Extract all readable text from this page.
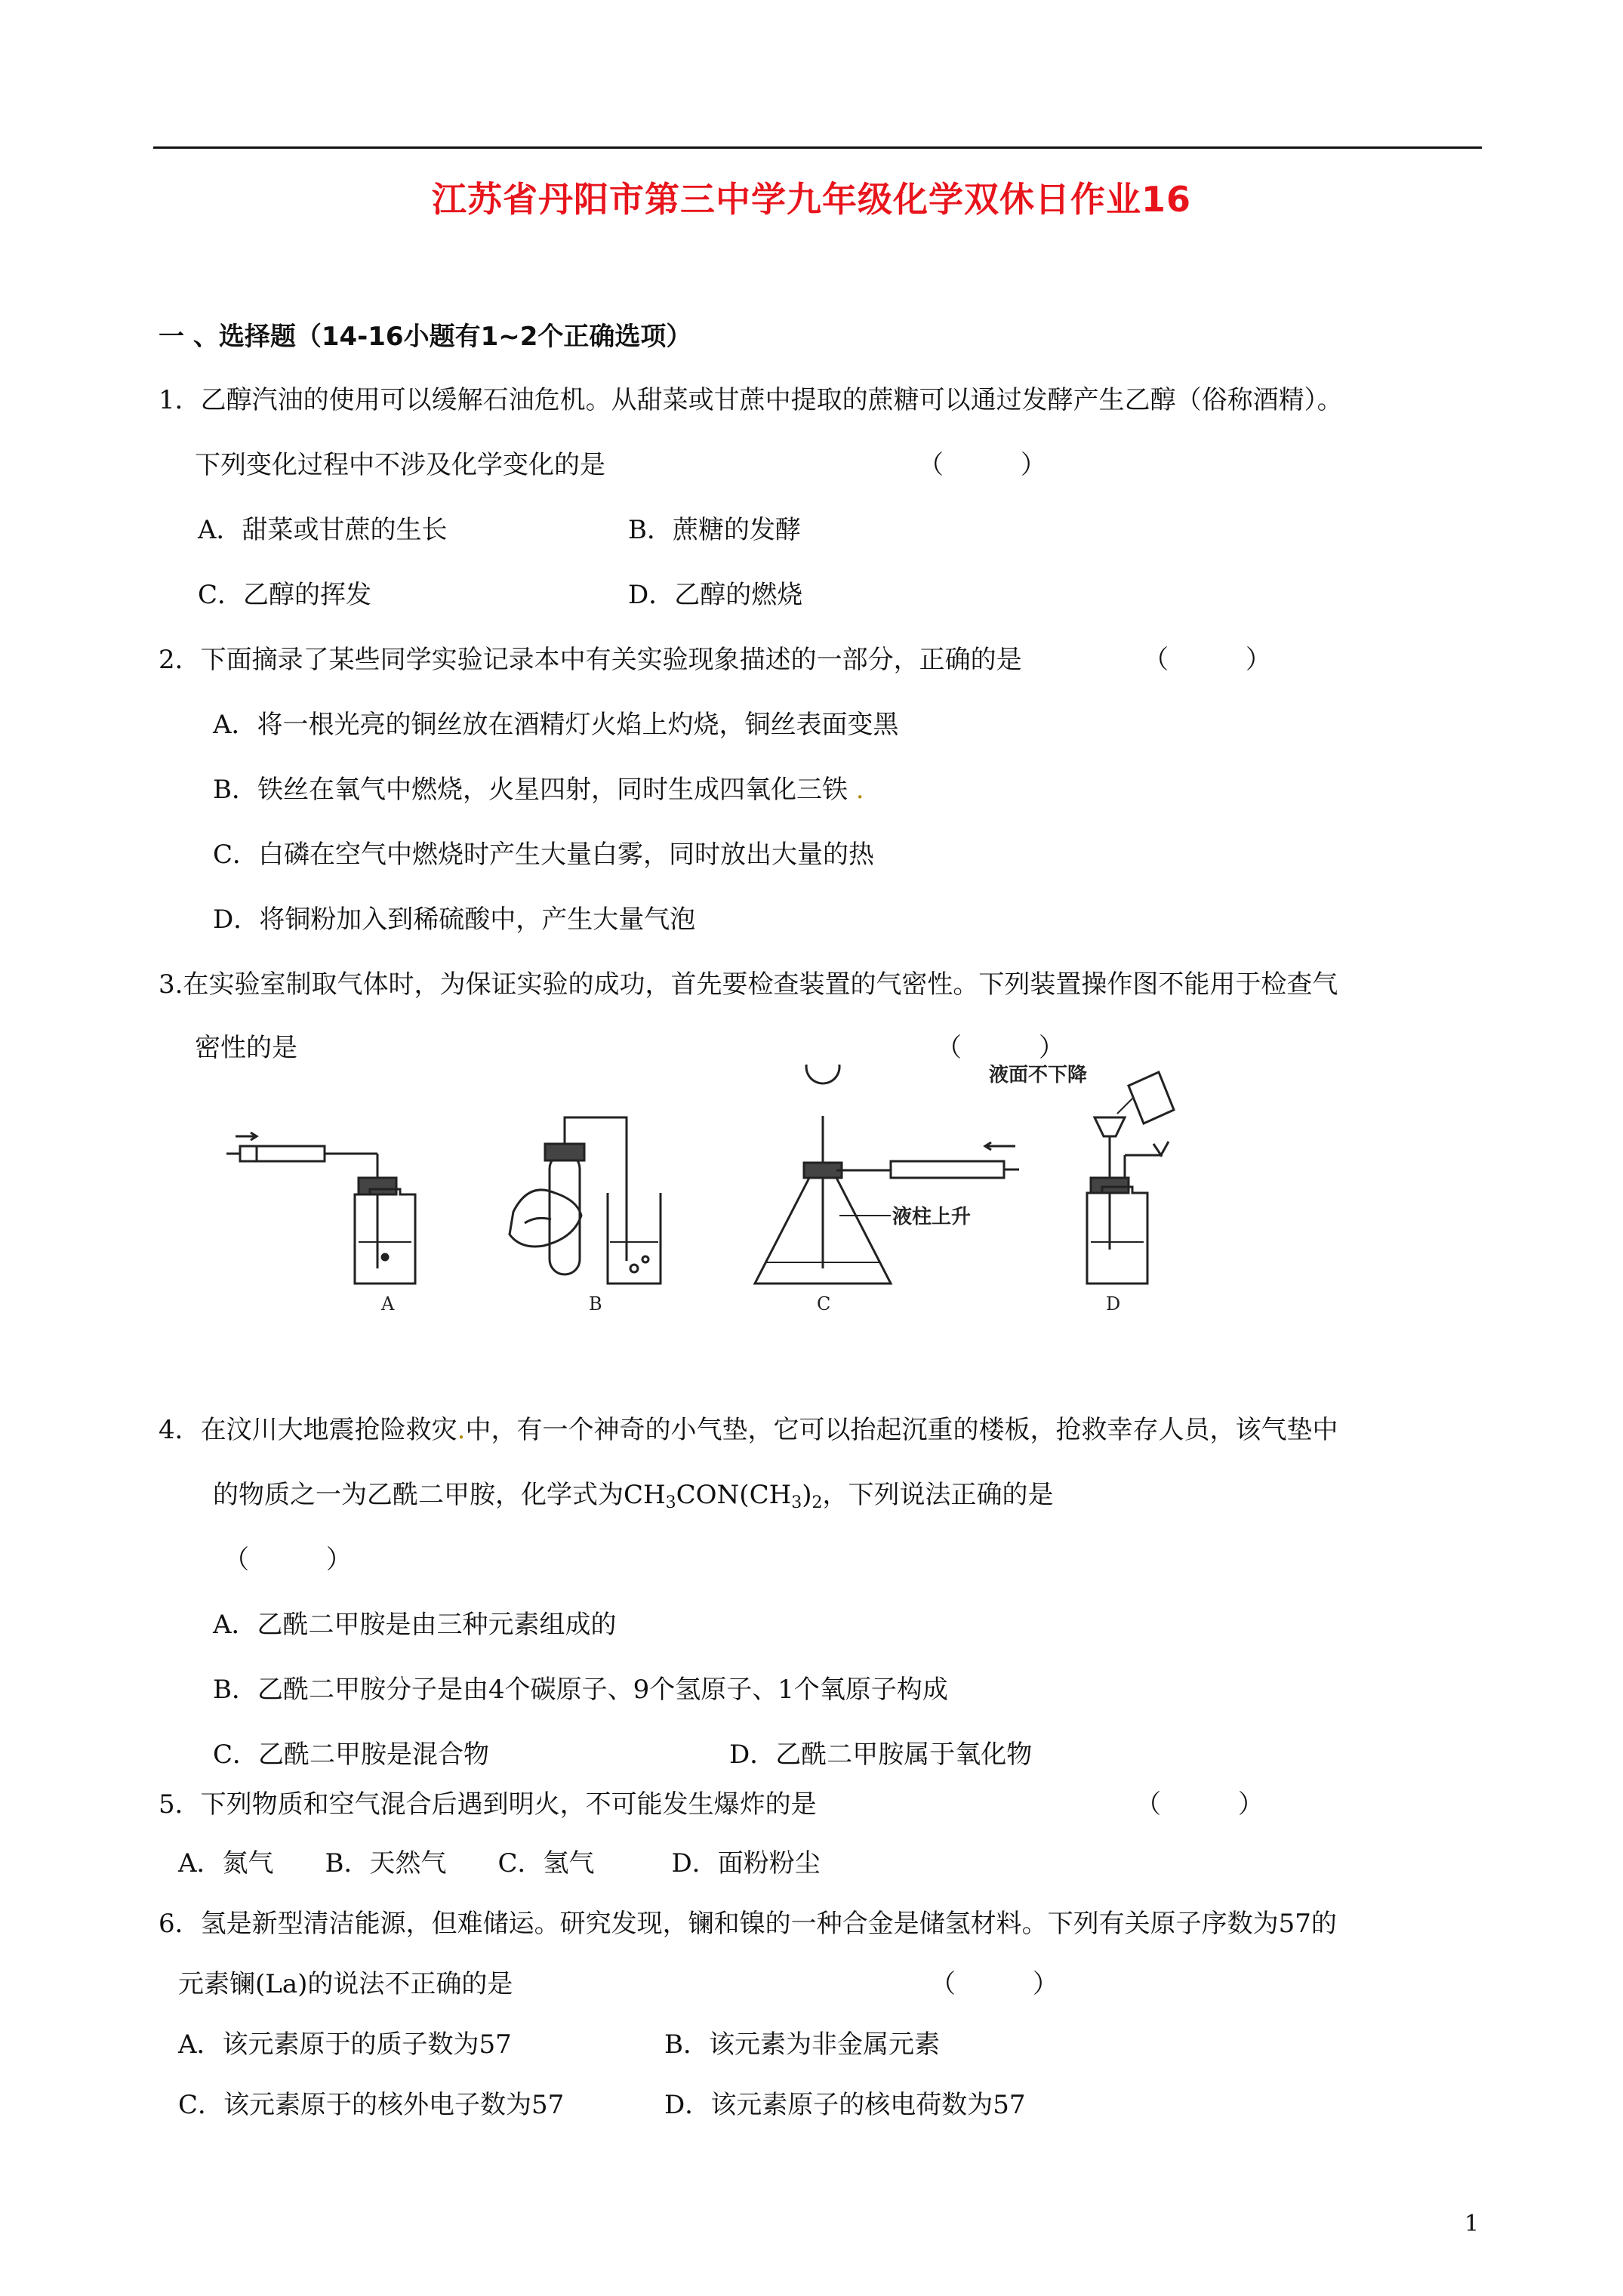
江苏省丹阳市第三中学九年级化学双休日作业16
一 、选择题（14-16小题有1~2个正确选项）
1．乙醇汽油的使用可以缓解石油危机。从甜菜或甘蔗中提取的蔗糖可以通过发酵产生乙醇（俗称酒精）。
下列变化过程中不涉及化学变化的是	（　　　）
A．甜菜或甘蔗的生长	B．蔗糖的发酵
C．乙醇的挥发	D．乙醇的燃烧
2．下面摘录了某些同学实验记录本中有关实验现象描述的一部分，正确的是	（　　　）
A．将一根光亮的铜丝放在酒精灯火焰上灼烧，铜丝表面变黑
B．铁丝在氧气中燃烧，火星四射，同时生成四氧化三铁 .
C．白磷在空气中燃烧时产生大量白雾，同时放出大量的热
D．将铜粉加入到稀硫酸中，产生大量气泡
3.在实验室制取气体时，为保证实验的成功，首先要检查装置的气密性。下列装置操作图不能用于检查气
密性的是	（　　　）
A	B
液柱上升
C
液面不下降
D
4．在汶川大地震抢险救灾.中，有一个神奇的小气垫，它可以抬起沉重的楼板，抢救幸存人员，该气垫中
的物质之一为乙酰二甲胺，化学式为$CH_3CON(CH_3)_2$，下列说法正确的是
（　　　）
A．乙酰二甲胺是由三种元素组成的
B．乙酰二甲胺分子是由4个碳原子、9个氢原子、1个氧原子构成
C．乙酰二甲胺是混合物	D．乙酰二甲胺属于氧化物
5．下列物质和空气混合后遇到明火，不可能发生爆炸的是	（　　　）
A．氮气　　B．天然气　　C．氢气　　　D．面粉粉尘
6．氢是新型清洁能源，但难储运。研究发现，镧和镍的一种合金是储氢材料。下列有关原子序数为57的
元素镧(La)的说法不正确的是	（　　　）
A．该元素原于的质子数为57	B．该元素为非金属元素
C．该元素原于的核外电子数为57	D．该元素原子的核电荷数为57
1
